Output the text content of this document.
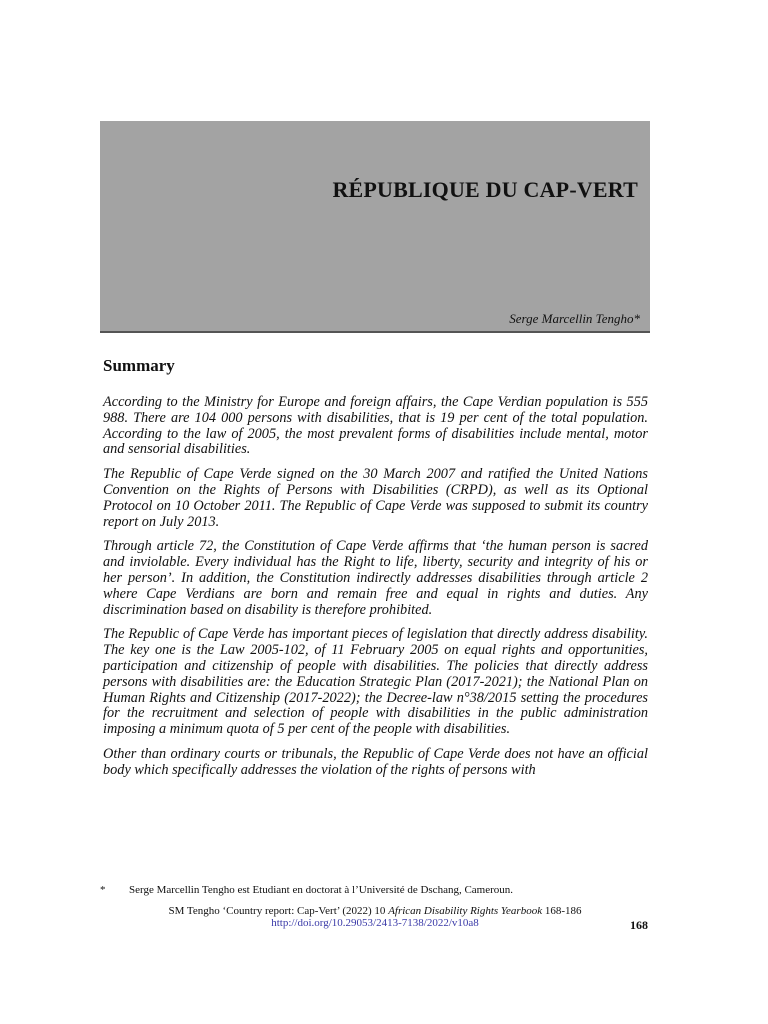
RÉPUBLIQUE DU CAP-VERT
Serge Marcellin Tengho*
Summary

According to the Ministry for Europe and foreign affairs, the Cape Verdian population is 555 988. There are 104 000 persons with disabilities, that is 19 per cent of the total population. According to the law of 2005, the most prevalent forms of disabilities include mental, motor and sensorial disabilities.

The Republic of Cape Verde signed on the 30 March 2007 and ratified the United Nations Convention on the Rights of Persons with Disabilities (CRPD), as well as its Optional Protocol on 10 October 2011. The Republic of Cape Verde was supposed to submit its country report on July 2013.

Through article 72, the Constitution of Cape Verde affirms that ‘the human person is sacred and inviolable. Every individual has the Right to life, liberty, security and integrity of his or her person’. In addition, the Constitution indirectly addresses disabilities through article 2 where Cape Verdians are born and remain free and equal in rights and duties. Any discrimination based on disability is therefore prohibited.

The Republic of Cape Verde has important pieces of legislation that directly address disability. The key one is the Law 2005-102, of 11 February 2005 on equal rights and opportunities, participation and citizenship of people with disabilities. The policies that directly address persons with disabilities are: the Education Strategic Plan (2017-2021); the National Plan on Human Rights and Citizenship (2017-2022); the Decree-law n°38/2015 setting the procedures for the recruitment and selection of people with disabilities in the public administration imposing a minimum quota of 5 per cent of the people with disabilities.

Other than ordinary courts or tribunals, the Republic of Cape Verde does not have an official body which specifically addresses the violation of the rights of persons with

* Serge Marcellin Tengho est Etudiant en doctorat à l’Université de Dschang, Cameroun.
SM Tengho ‘Country report: Cap-Vert’ (2022) 10 African Disability Rights Yearbook 168-186
http://doi.org/10.29053/2413-7138/2022/v10a8	168
